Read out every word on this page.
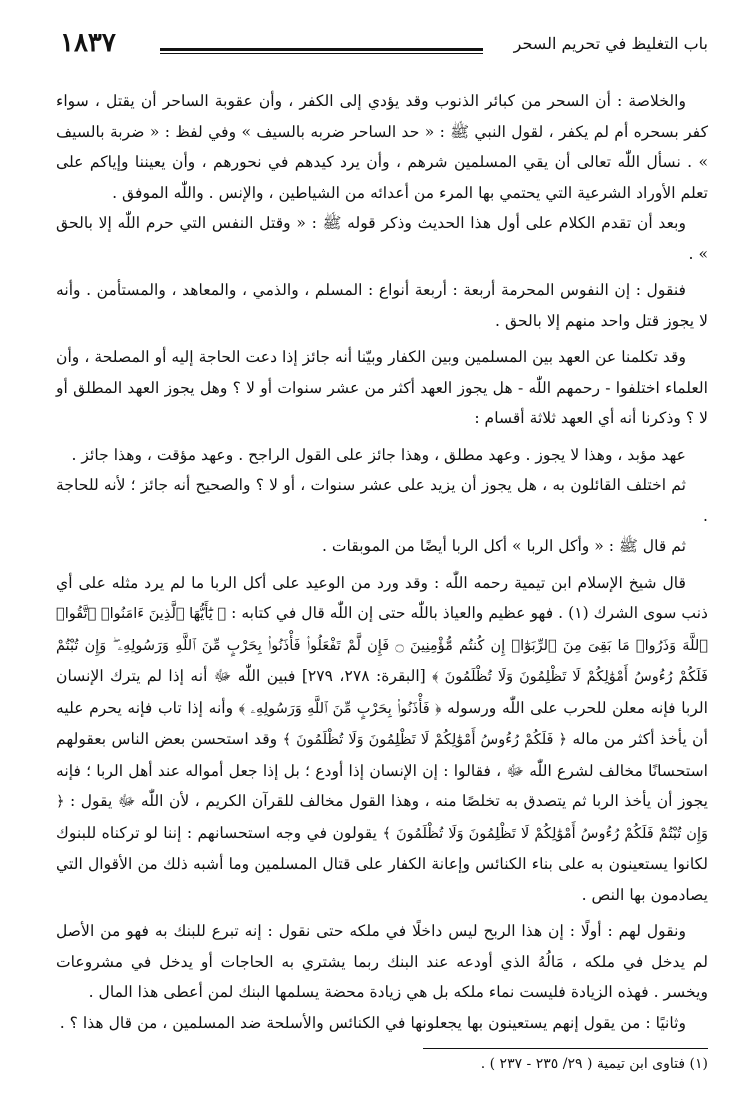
باب التغليظ في تحريم السحر
١٨٣٧

والخلاصة : أن السحر من كبائر الذنوب وقد يؤدي إلى الكفر ، وأن عقوبة الساحر أن يقتل ، سواء كفر بسحره أم لم يكفر ، لقول النبي ﷺ : « حد الساحر ضربه بالسيف » وفي لفظ : « ضربة بالسيف » . نسأل اللّٰه تعالى أن يقي المسلمين شرهم ، وأن يرد كيدهم في نحورهم ، وأن يعيننا وإياكم على تعلم الأوراد الشرعية التي يحتمي بها المرء من أعدائه من الشياطين ، والإنس . واللّٰه الموفق .

وبعد أن تقدم الكلام على أول هذا الحديث وذكر قوله ﷺ : « وقتل النفس التي حرم اللّٰه إلا بالحق » .

فنقول : إن النفوس المحرمة أربعة : أربعة أنواع : المسلم ، والذمي ، والمعاهد ، والمستأمن . وأنه لا يجوز قتل واحد منهم إلا بالحق .

وقد تكلمنا عن العهد بين المسلمين وبين الكفار وبيّنا أنه جائز إذا دعت الحاجة إليه أو المصلحة ، وأن العلماء اختلفوا - رحمهم اللّٰه - هل يجوز العهد أكثر من عشر سنوات أو لا ؟ وهل يجوز العهد المطلق أو لا ؟ وذكرنا أنه أي العهد ثلاثة أقسام :

عهد مؤبد ، وهذا لا يجوز . وعهد مطلق ، وهذا جائز على القول الراجح . وعهد مؤقت ، وهذا جائز .

ثم اختلف القائلون به ، هل يجوز أن يزيد على عشر سنوات ، أو لا ؟ والصحيح أنه جائز ؛ لأنه للحاجة .

ثم قال ﷺ : « وأكل الربا » أكل الربا أيضًا من الموبقات .

قال شيخ الإسلام ابن تيمية رحمه اللّٰه : وقد ورد من الوعيد على أكل الربا ما لم يرد مثله على أي ذنب سوى الشرك (١) . فهو عظيم والعياذ باللّٰه حتى إن اللّٰه قال في كتابه : ﴿ يَٰٓأَيُّهَا ٱلَّذِينَ ءَامَنُوا۟ ٱتَّقُوا۟ ٱللَّهَ وَذَرُوا۟ مَا بَقِىَ مِنَ ٱلرِّبَوٰٓا۟ إِن كُنتُم مُّؤْمِنِينَ ۝ فَإِن لَّمْ تَفْعَلُوا۟ فَأْذَنُوا۟ بِحَرْبٍ مِّنَ ٱللَّهِ وَرَسُولِهِۦ ۖ وَإِن تُبْتُمْ فَلَكُمْ رُءُوسُ أَمْوَٰلِكُمْ لَا تَظْلِمُونَ وَلَا تُظْلَمُونَ ﴾ [البقرة: ٢٧٨، ٢٧٩] فبين اللّٰه ﷻ أنه إذا لم يترك الإنسان الربا فإنه معلن للحرب على اللّٰه ورسوله ﴿ فَأْذَنُوا۟ بِحَرْبٍ مِّنَ ٱللَّهِ وَرَسُولِهِۦ ﴾ وأنه إذا تاب فإنه يحرم عليه أن يأخذ أكثر من ماله ﴿ فَلَكُمْ رُءُوسُ أَمْوَٰلِكُمْ لَا تَظْلِمُونَ وَلَا تُظْلَمُونَ ﴾ وقد استحسن بعض الناس بعقولهم استحسانًا مخالف لشرع اللّٰه ﷻ ، فقالوا : إن الإنسان إذا أودع ؛ بل إذا جعل أمواله عند أهل الربا ؛ فإنه يجوز أن يأخذ الربا ثم يتصدق به تخلصًا منه ، وهذا القول مخالف للقرآن الكريم ، لأن اللّٰه ﷻ يقول : ﴿ وَإِن تُبْتُمْ فَلَكُمْ رُءُوسُ أَمْوَٰلِكُمْ لَا تَظْلِمُونَ وَلَا تُظْلَمُونَ ﴾ يقولون في وجه استحسانهم : إننا لو تركناه للبنوك لكانوا يستعينون به على بناء الكنائس وإعانة الكفار على قتال المسلمين وما أشبه ذلك من الأقوال التي يصادمون بها النص .

ونقول لهم : أولًا : إن هذا الربح ليس داخلًا في ملكه حتى نقول : إنه تبرع للبنك به فهو من الأصل لم يدخل في ملكه ، مَالُهُ الذي أودعه عند البنك ربما يشتري به الحاجات أو يدخل في مشروعات ويخسر . فهذه الزيادة فليست نماء ملكه بل هي زيادة محضة يسلمها البنك لمن أعطى هذا المال .

وثانيًا : من يقول إنهم يستعينون بها يجعلونها في الكنائس والأسلحة ضد المسلمين ، من قال هذا ؟ .

(١) فتاوى ابن تيمية ( ٢٩/ ٢٣٥ - ٢٣٧ ) .
